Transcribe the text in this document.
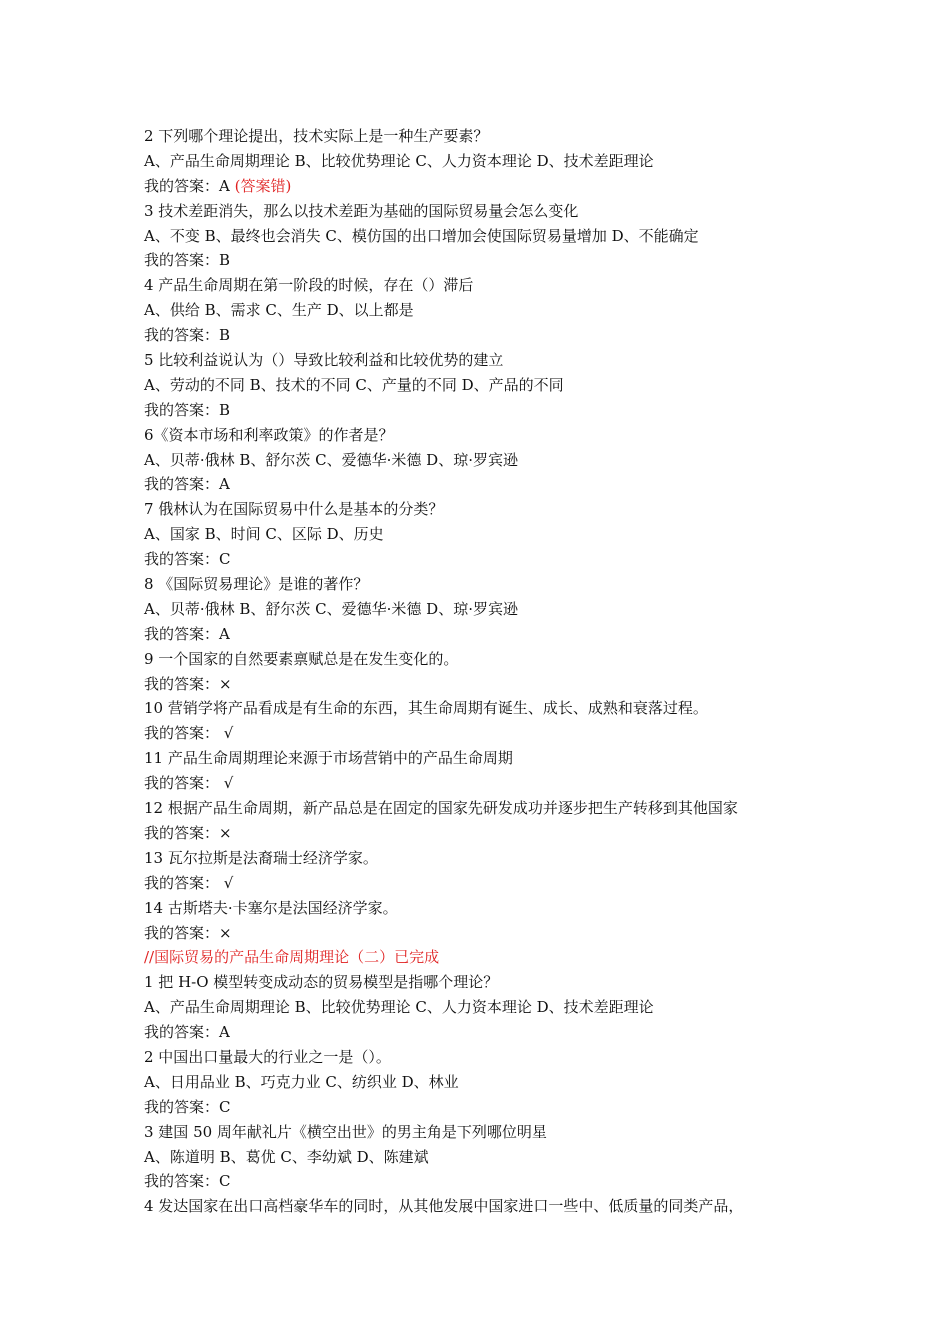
2 下列哪个理论提出，技术实际上是一种生产要素？
A、产品生命周期理论 B、比较优势理论 C、人力资本理论 D、技术差距理论
我的答案：A (答案错)
3 技术差距消失，那么以技术差距为基础的国际贸易量会怎么变化
A、不变 B、最终也会消失 C、模仿国的出口增加会使国际贸易量增加 D、不能确定
我的答案：B
4 产品生命周期在第一阶段的时候，存在（）滞后
A、供给 B、需求 C、生产 D、以上都是
我的答案：B
5 比较利益说认为（）导致比较利益和比较优势的建立
A、劳动的不同 B、技术的不同 C、产量的不同 D、产品的不同
我的答案：B
6《资本市场和利率政策》的作者是？
A、贝蒂·俄林 B、舒尔茨 C、爱德华·米德 D、琼·罗宾逊
我的答案：A
7 俄林认为在国际贸易中什么是基本的分类？
A、国家 B、时间 C、区际 D、历史
我的答案：C
8 《国际贸易理论》是谁的著作？
A、贝蒂·俄林 B、舒尔茨 C、爱德华·米德 D、琼·罗宾逊
我的答案：A
9 一个国家的自然要素禀赋总是在发生变化的。
我的答案：×
10 营销学将产品看成是有生命的东西，其生命周期有诞生、成长、成熟和衰落过程。
我的答案： √
11 产品生命周期理论来源于市场营销中的产品生命周期
我的答案： √
12 根据产品生命周期，新产品总是在固定的国家先研发成功并逐步把生产转移到其他国家
我的答案：×
13 瓦尔拉斯是法裔瑞士经济学家。
我的答案： √
14 古斯塔夫·卡塞尔是法国经济学家。
我的答案：×
//国际贸易的产品生命周期理论（二）已完成
1 把 H-O 模型转变成动态的贸易模型是指哪个理论？
A、产品生命周期理论 B、比较优势理论 C、人力资本理论 D、技术差距理论
我的答案：A
2 中国出口量最大的行业之一是（）。
A、日用品业 B、巧克力业 C、纺织业 D、林业
我的答案：C
3 建国 50 周年献礼片《横空出世》的男主角是下列哪位明星
A、陈道明 B、葛优 C、李幼斌 D、陈建斌
我的答案：C
4 发达国家在出口高档豪华车的同时，从其他发展中国家进口一些中、低质量的同类产品，
